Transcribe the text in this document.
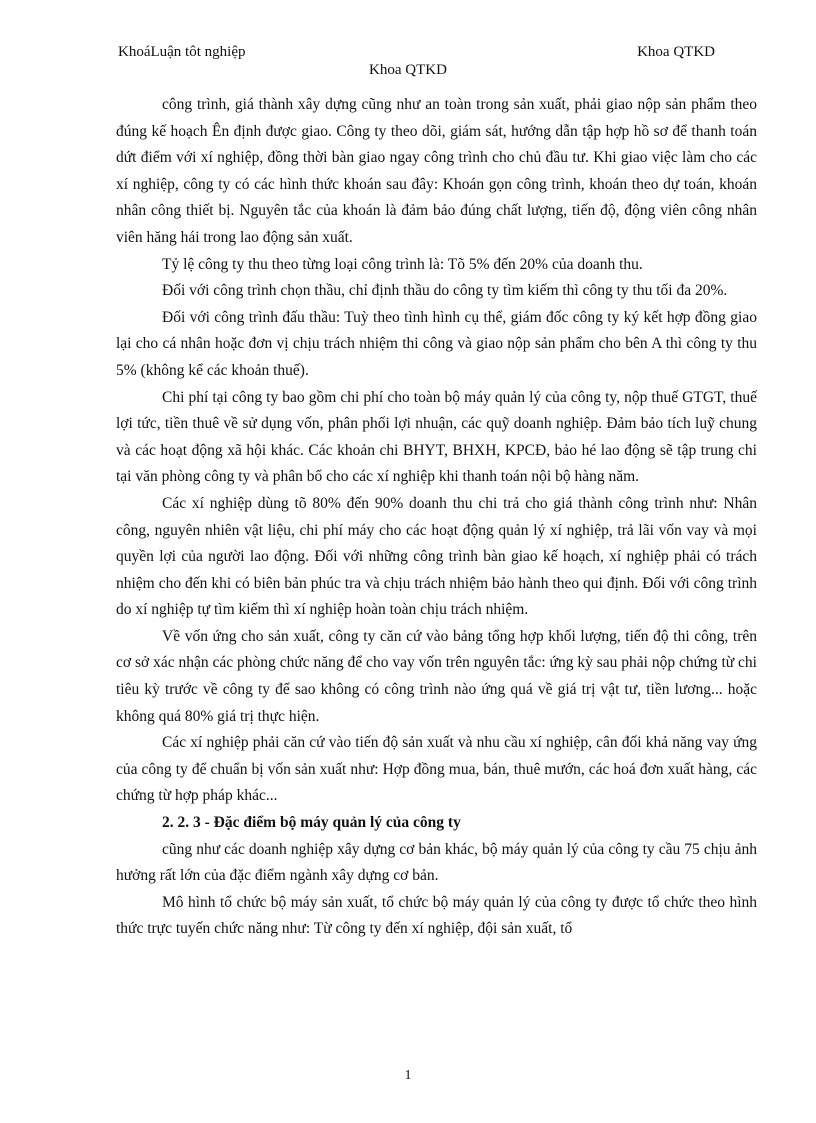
KhoáLuận tôt nghiệp	Khoa QTKD
Khoa QTKD

công trình, giá thành xây dựng cũng như an toàn trong sản xuất, phải giao nộp sản phẩm theo đúng kế hoạch Ên định được giao. Công ty theo dõi, giám sát, hướng dẫn tập hợp hồ sơ để thanh toán dứt điểm với xí nghiệp, đồng thời bàn giao ngay công trình cho chủ đầu tư. Khi giao việc làm cho các xí nghiệp, công ty có các hình thức khoán sau đây: Khoán gọn công trình, khoán theo dự toán, khoán nhân công thiết bị. Nguyên tắc của khoán là đảm bảo đúng chất lượng, tiến độ, động viên công nhân viên hăng hái trong lao động sản xuất.

Tỷ lệ công ty thu theo từng loại công trình là: Tõ 5% đến 20% của doanh thu.

Đối với công trình chọn thầu, chỉ định thầu do công ty tìm kiếm thì công ty thu tối đa 20%.

Đối với công trình đấu thầu: Tuỳ theo tình hình cụ thể, giám đốc công ty ký kết hợp đồng giao lại cho cá nhân hoặc đơn vị chịu trách nhiệm thi công và giao nộp sản phẩm cho bên A thì công ty thu 5% (không kể các khoản thuế).

Chi phí tại công ty bao gồm chi phí cho toàn bộ máy quản lý của công ty, nộp thuế GTGT, thuế lợi tức, tiền thuê về sử dụng vốn, phân phối lợi nhuận, các quỹ doanh nghiệp. Đảm bảo tích luỹ chung và các hoạt động xã hội khác. Các khoản chi BHYT, BHXH, KPCĐ, bảo hé lao động sẽ tập trung chi tại văn phòng công ty và phân bổ cho các xí nghiệp khi thanh toán nội bộ hàng năm.

Các xí nghiệp dùng tõ 80% đến 90% doanh thu chi trả cho giá thành công trình như: Nhân công, nguyên nhiên vật liệu, chi phí máy cho các hoạt động quản lý xí nghiệp, trả lãi vốn vay và mọi quyền lợi của người lao động. Đối với những công trình bàn giao kế hoạch, xí nghiệp phải có trách nhiệm cho đến khi có biên bản phúc tra và chịu trách nhiệm bảo hành theo qui định. Đối với công trình do xí nghiệp tự tìm kiếm thì xí nghiệp hoàn toàn chịu trách nhiệm.

Về vốn ứng cho sản xuất, công ty căn cứ vào bảng tổng hợp khối lượng, tiến độ thi công, trên cơ sở xác nhận các phòng chức năng để cho vay vốn trên nguyên tắc: ứng kỳ sau phải nộp chứng từ chi tiêu kỳ trước về công ty để sao không có công trình nào ứng quá về giá trị vật tư, tiền lương... hoặc không quá 80% giá trị thực hiện.

Các xí nghiệp phải căn cứ vào tiến độ sản xuất và nhu cầu xí nghiệp, cân đối khả năng vay ứng của công ty để chuẩn bị vốn sản xuất như: Hợp đồng mua, bán, thuê mướn, các hoá đơn xuất hàng, các chứng từ hợp pháp khác...

2. 2. 3 - Đặc điểm bộ máy quản lý của công ty

cũng như các doanh nghiệp xây dựng cơ bản khác, bộ máy quản lý của công ty cầu 75 chịu ảnh hưởng rất lớn của đặc điểm ngành xây dựng cơ bản.

Mô hình tổ chức bộ máy sản xuất, tổ chức bộ máy quản lý của công ty được tổ chức theo hình thức trực tuyến chức năng như: Từ công ty đến xí nghiệp, đội sản xuất, tổ

1
